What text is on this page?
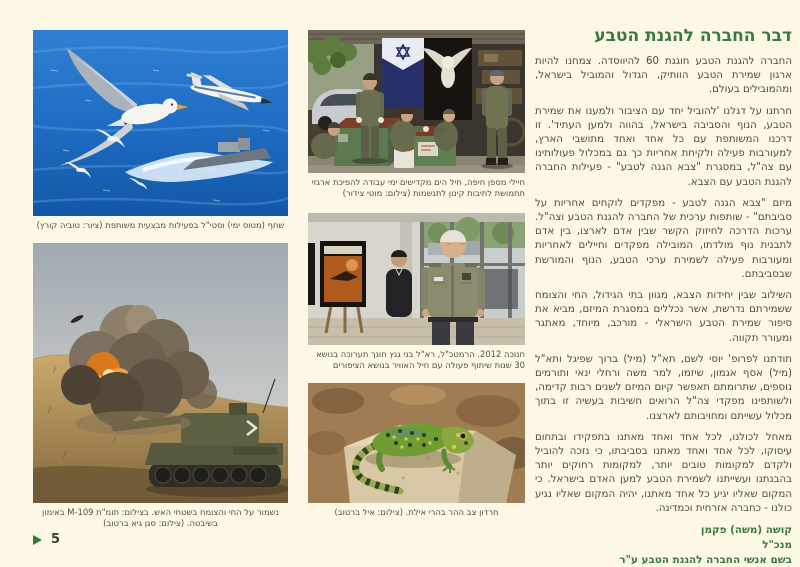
שחף (מטוס ימי) וסטי"ל בפעילות מבצעית משותפת (ציור: טוביה קורץ)
נשמור על החי והצומח בשטחי האש. בצילום: תומ"ת M-109 באימון בשיבטה. (צילום: סגן גיא ברטוב)
חיילי מספן חיפה, חיל הים מקדישים ימי עבודה להפיכת ארגזי תחמושת לתיבות קינון לתנשמות (צילום: מוטי צידור)
חנוכה 2012. הרמטכ"ל, רא"ל בני גנץ חונך תערוכה בנושא 30 שנות שיתוף פעולה עם חיל האוויר בנושא הציפורים
חרדון צב ההר בהרי אילת. (צילום: איל ברטוב)
דבר החברה להגנת הטבע

החברה להגנת הטבע חוגגת 60 להיווסדה. צמחנו להיות ארגון שמירת הטבע הוותיק, הגדול והמוביל בישראל, ומהמובילים בעולם.

חרתנו על דגלנו 'להוביל יחד עם הציבור ולמענו את שמירת הטבע, הנוף והסביבה בישראל, בהווה ולמען העתיד'. זו דרכנו המשותפת עם כל אחד ואחד מתושבי הארץ, למעורבות פעילה ולקיחת אחריות כך גם במכלול פעולותינו עם צה"ל, במסגרת "צבא הגנה לטבע" - פעילות החברה להגנת הטבע עם הצבא.

מיזם "צבא הגנה לטבע - מפקדים לוקחים אחריות על סביבתם" - שותפות ערכית של החברה להגנת הטבע וצה"ל. ערכות הדרכה לחיזוק הקשר שבין אדם לארצו, בין אדם לתבנית נוף מולדתו, המובילה מפקדים וחיילים לאחריות ומעורבות פעילה לשמירת ערכי הטבע, הנוף והמורשת שבסביבתם.

השילוב שבין יחידות הצבא, מגוון בתי הגידול, החי והצומח ששמירתם נדרשת, אשר נכללים במסגרת המיזם, מביא את סיפור שמירת הטבע הישראלי - מורכב, מיוחד, מאתגר ומעורר תקווה.

תודתנו לפרופ' יוסי לשם, תא"ל (מיל) ברוך שפיגל ותא"ל (מיל) אסף אגמון, שיזמו, למר משה ורחלי ינאי ותורמים נוספים, שתרומתם תאפשר קיום המיזם לשנים רבות קדימה, ולשותפינו מפקדי צה"ל הרואים חשיבות בעשיה זו בתוך מכלול עשייתם ומחויבותם לארצנו.

מאחל לכולנו, לכל אחד ואחד מאתנו בתפקידו ובתחום עיסוקו, לכל אחד ואחד מאתנו בסביבתו, כי נזכה להוביל ולקדם למקומות טובים יותר, למקומות רחוקים יותר בהבנתנו ועשייתנו לשמירת הטבע למען האדם בישראל. כי המקום שאליו יגיע כל אחד מאתנו, יהיה המקום שאליו נגיע כולנו - כחברה אזרחית וכמדינה.

קושה (משה) פקמן
מנכ"ל
בשם אנשי החברה להגנת הטבע ע"ר
5
